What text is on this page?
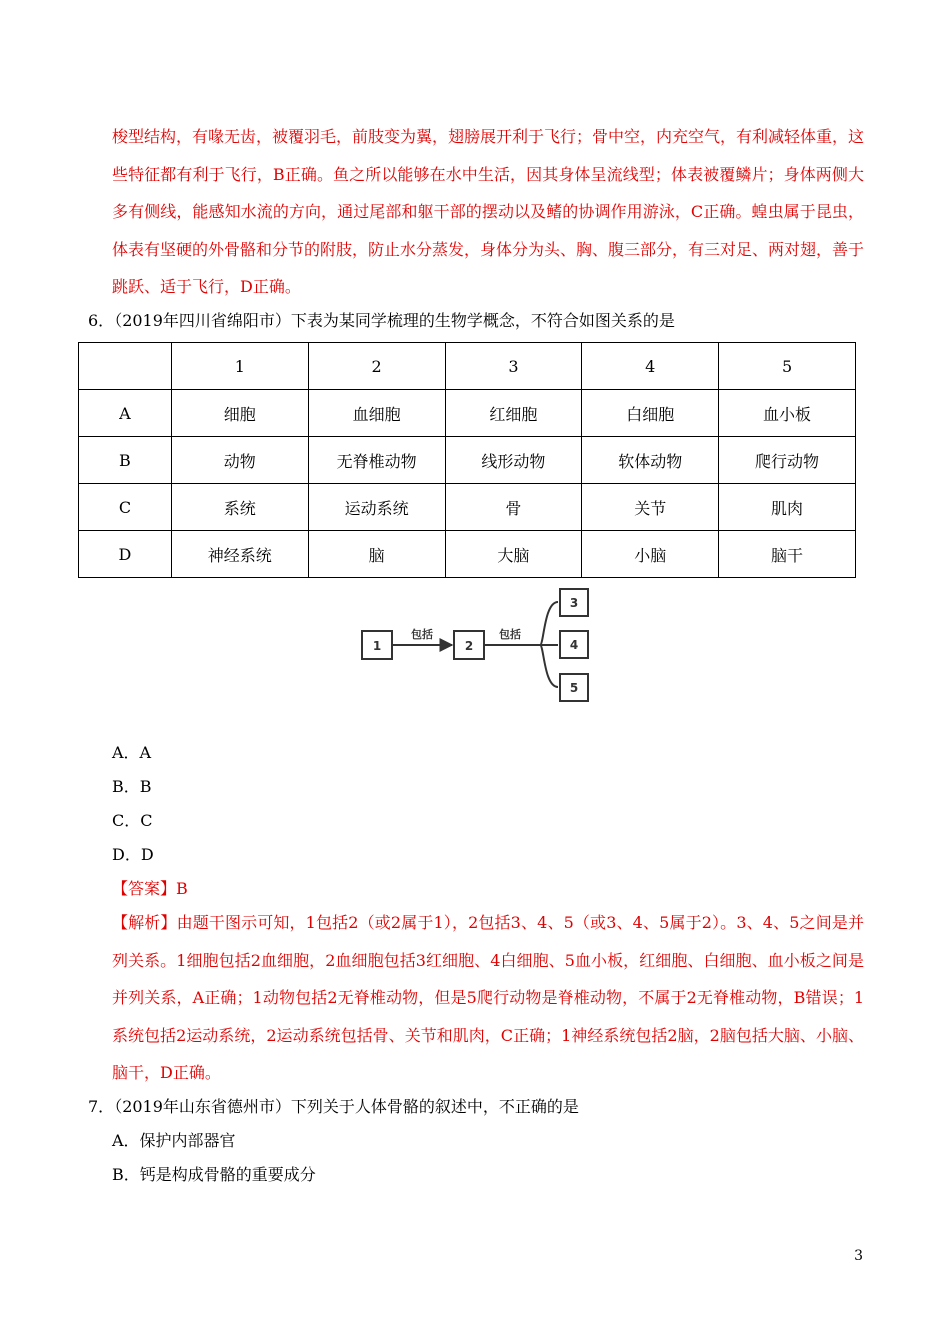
梭型结构，有喙无齿，被覆羽毛，前肢变为翼，翅膀展开利于飞行；骨中空，内充空气，有利减轻体重，这些特征都有利于飞行，B正确。鱼之所以能够在水中生活，因其身体呈流线型；体表被覆鳞片；身体两侧大多有侧线，能感知水流的方向，通过尾部和躯干部的摆动以及鳍的协调作用游泳，C正确。蝗虫属于昆虫，体表有坚硬的外骨骼和分节的附肢，防止水分蒸发，身体分为头、胸、腹三部分，有三对足、两对翅，善于跳跃、适于飞行，D正确。
6．（2019年四川省绵阳市）下表为某同学梳理的生物学概念，不符合如图关系的是
	1	2	3	4	5
A	细胞	血细胞	红细胞	白细胞	血小板
B	动物	无脊椎动物	线形动物	软体动物	爬行动物
C	系统	运动系统	骨	关节	肌肉
D	神经系统	脑	大脑	小脑	脑干
1
包括
2
包括
3
4
5
A．A
B．B
C．C
D．D
【答案】B
【解析】由题干图示可知，1包括2（或2属于1），2包括3、4、5（或3、4、5属于2）。3、4、5之间是并列关系。1细胞包括2血细胞，2血细胞包括3红细胞、4白细胞、5血小板，红细胞、白细胞、血小板之间是并列关系，A正确；1动物包括2无脊椎动物，但是5爬行动物是脊椎动物，不属于2无脊椎动物，B错误；1系统包括2运动系统，2运动系统包括骨、关节和肌肉，C正确；1神经系统包括2脑，2脑包括大脑、小脑、脑干，D正确。
7．（2019年山东省德州市）下列关于人体骨骼的叙述中，不正确的是
A．保护内部器官
B．钙是构成骨骼的重要成分
3
